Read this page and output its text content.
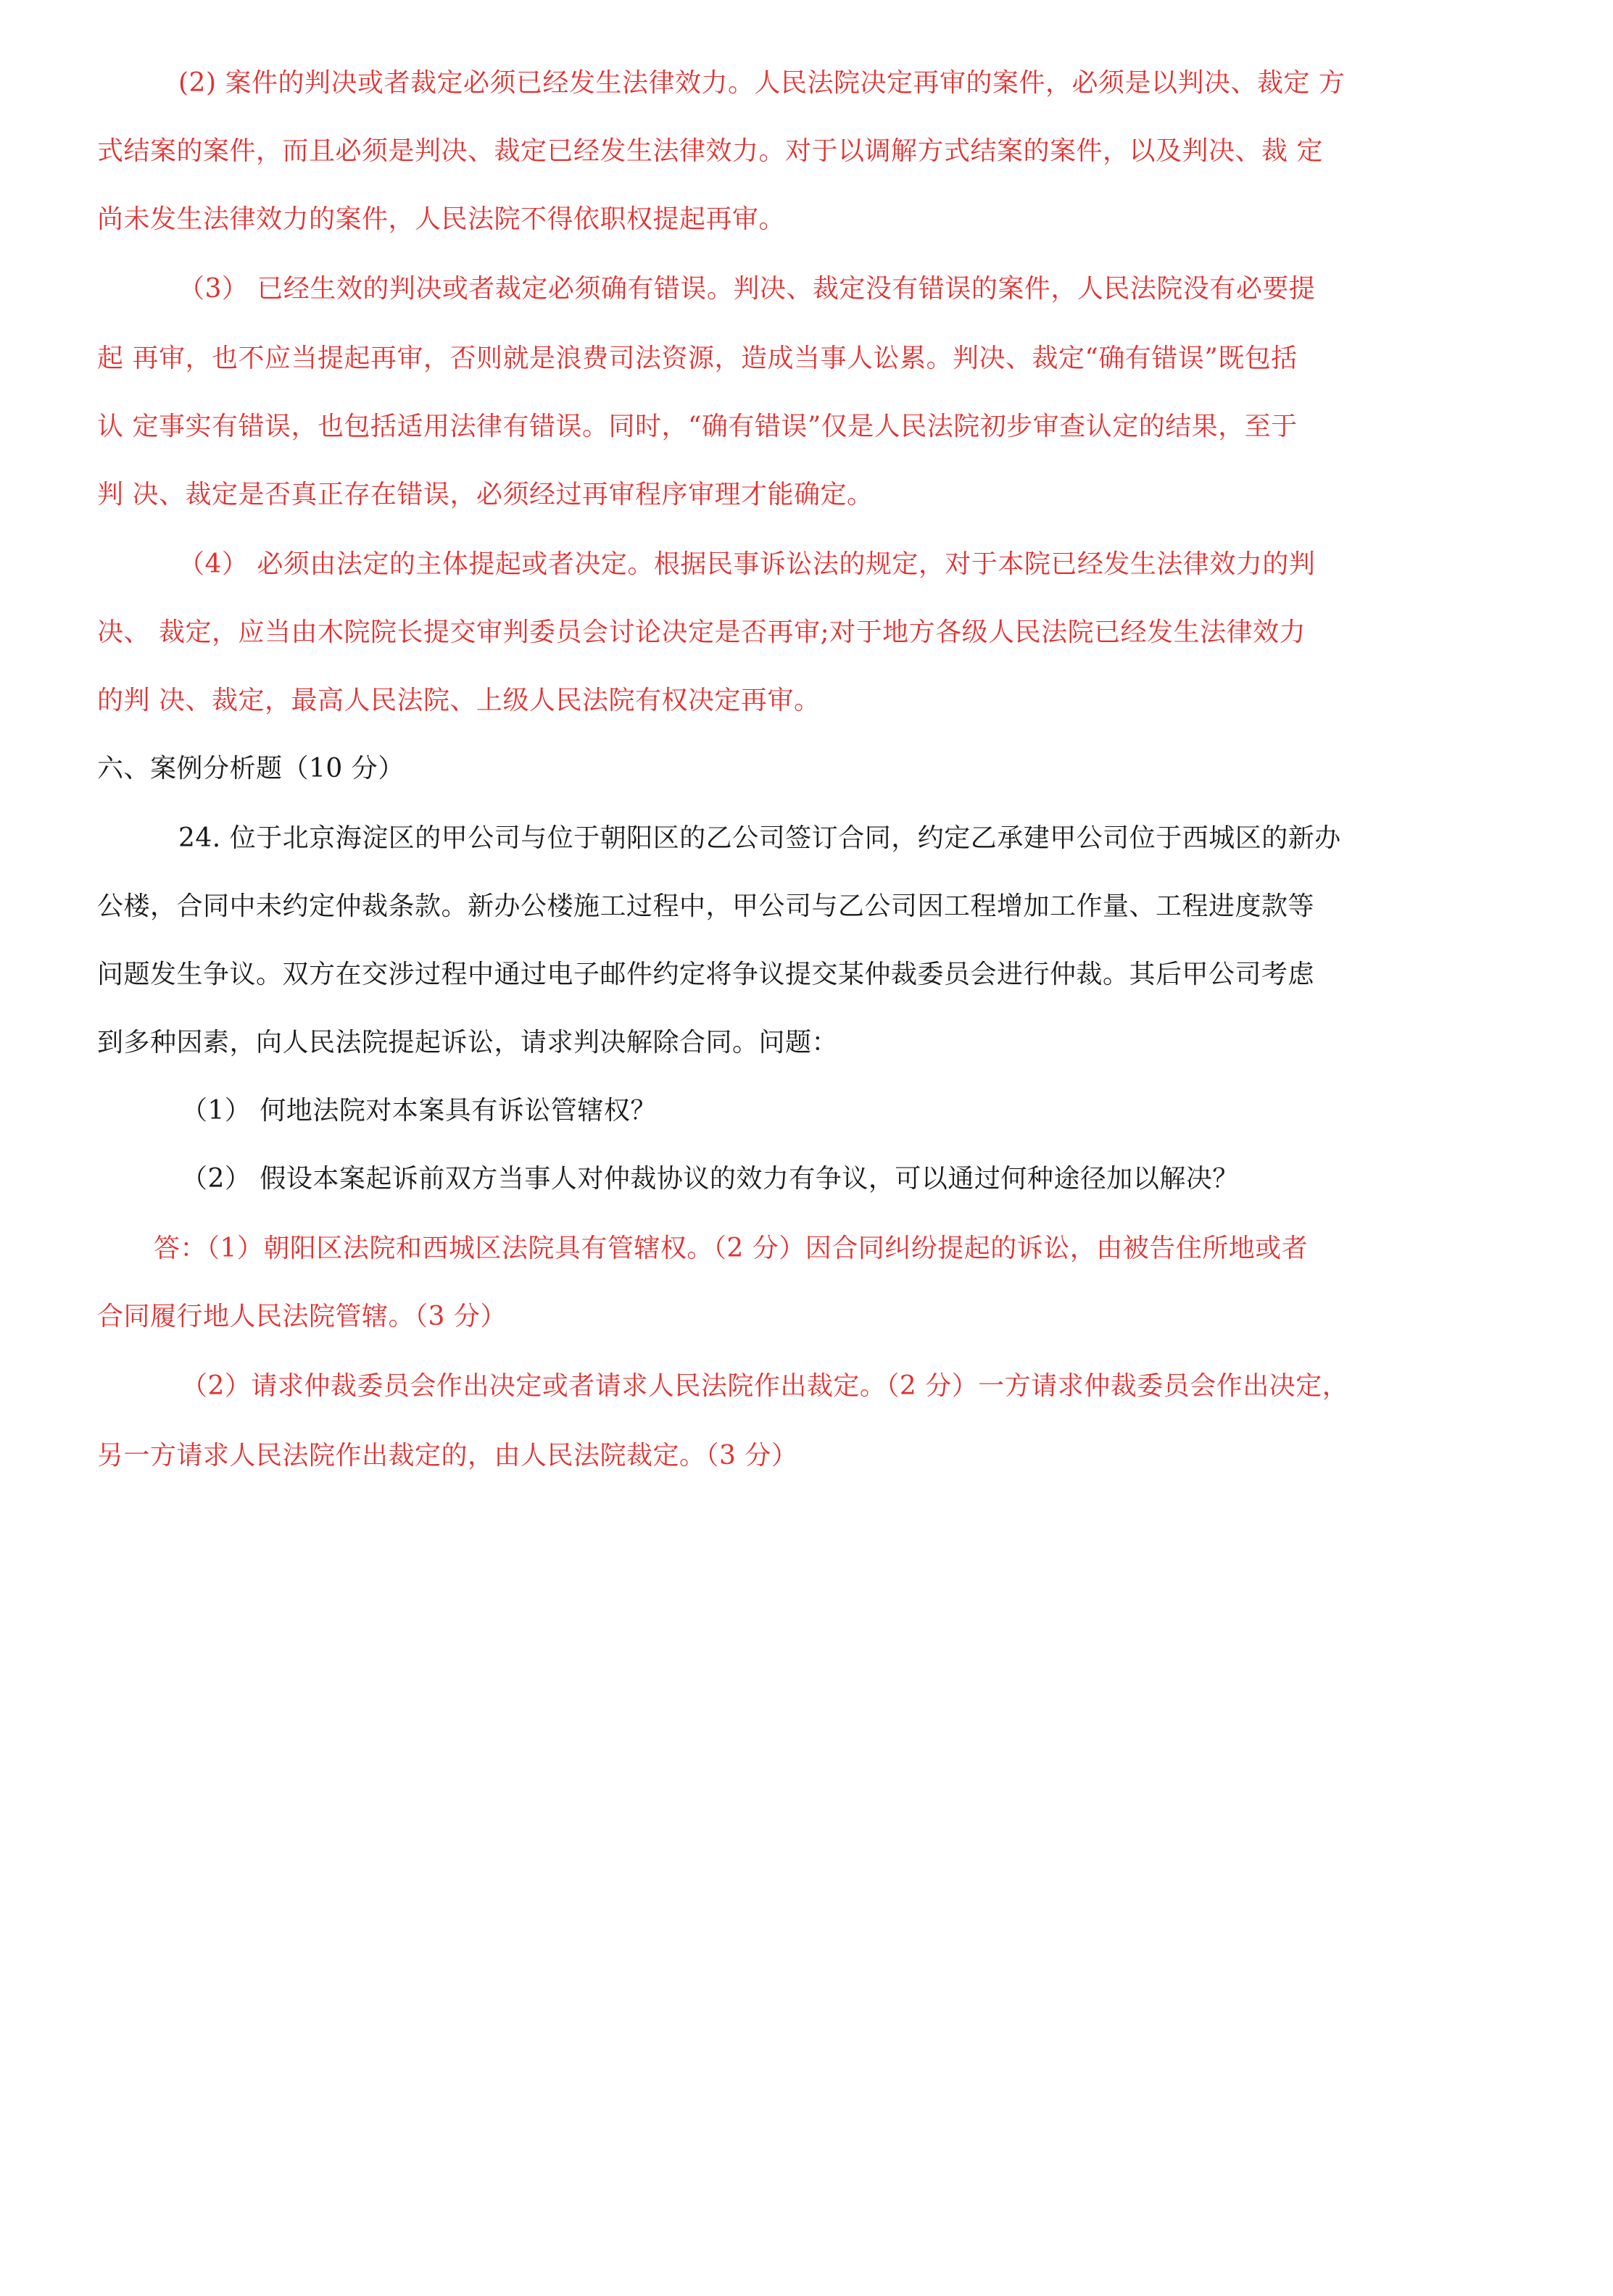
(2) 案件的判决或者裁定必须已经发生法律效力。人民法院决定再审的案件，必须是以判决、裁定 方

式结案的案件，而且必须是判决、裁定已经发生法律效力。对于以调解方式结案的案件，以及判决、裁 定

尚未发生法律效力的案件，人民法院不得依职权提起再审。

（3） 已经生效的判决或者裁定必须确有错误。判决、裁定没有错误的案件，人民法院没有必要提

起 再审，也不应当提起再审，否则就是浪费司法资源，造成当事人讼累。判决、裁定“确有错误”既包括

认 定事实有错误，也包括适用法律有错误。同时，“确有错误”仅是人民法院初步审查认定的结果，至于

判 决、裁定是否真正存在错误，必须经过再审程序审理才能确定。

（4） 必须由法定的主体提起或者决定。根据民事诉讼法的规定，对于本院已经发生法律效力的判

决、 裁定，应当由木院院长提交审判委员会讨论决定是否再审;对于地方各级人民法院已经发生法律效力

的判 决、裁定，最高人民法院、上级人民法院有权决定再审。

六、案例分析题（10 分）

24. 位于北京海淀区的甲公司与位于朝阳区的乙公司签订合同，约定乙承建甲公司位于西城区的新办

公楼，合同中未约定仲裁条款。新办公楼施工过程中，甲公司与乙公司因工程增加工作量、工程进度款等

问题发生争议。双方在交涉过程中通过电子邮件约定将争议提交某仲裁委员会进行仲裁。其后甲公司考虑

到多种因素，向人民法院提起诉讼，请求判决解除合同。问题：

（1） 何地法院对本案具有诉讼管辖权？

（2） 假设本案起诉前双方当事人对仲裁协议的效力有争议，可以通过何种途径加以解决？

答：（1）朝阳区法院和西城区法院具有管辖权。（2 分）因合同纠纷提起的诉讼，由被告住所地或者

合同履行地人民法院管辖。（3 分）

（2）请求仲裁委员会作出决定或者请求人民法院作出裁定。（2 分）一方请求仲裁委员会作出决定，

另一方请求人民法院作出裁定的，由人民法院裁定。（3 分）
